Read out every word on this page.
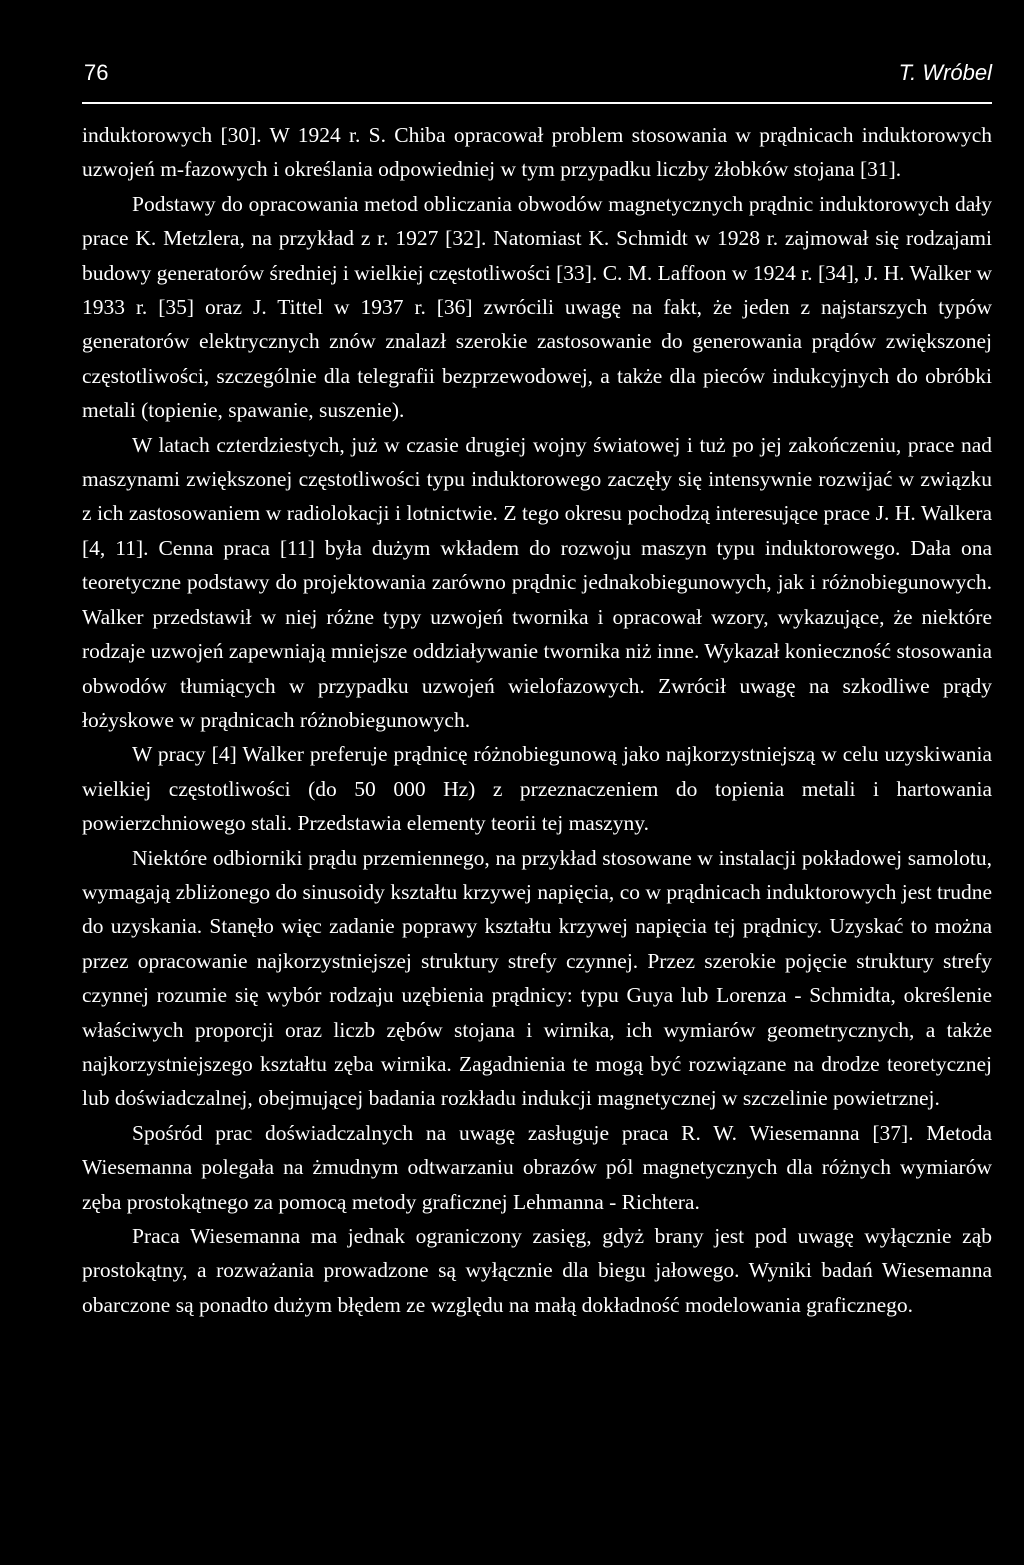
76	T. Wróbel

induktorowych [30]. W 1924 r. S. Chiba opracował problem stosowania w prądnicach induktorowych uzwojeń m-fazowych i określania odpowiedniej w tym przypadku liczby żłobków stojana [31].

Podstawy do opracowania metod obliczania obwodów magnetycznych prądnic induktorowych dały prace K. Metzlera, na przykład z r. 1927 [32]. Natomiast K. Schmidt w 1928 r. zajmował się rodzajami budowy generatorów średniej i wielkiej częstotliwości [33]. C. M. Laffoon w 1924 r. [34], J. H. Walker w 1933 r. [35] oraz J. Tittel w 1937 r. [36] zwrócili uwagę na fakt, że jeden z najstarszych typów generatorów elektrycznych znów znalazł szerokie zastosowanie do generowania prądów zwiększonej częstotliwości, szczególnie dla telegrafii bezprzewodowej, a także dla pieców indukcyjnych do obróbki metali (topienie, spawanie, suszenie).

W latach czterdziestych, już w czasie drugiej wojny światowej i tuż po jej zakończeniu, prace nad maszynami zwiększonej częstotliwości typu induktorowego zaczęły się intensywnie rozwijać w związku z ich zastosowaniem w radiolokacji i lotnictwie. Z tego okresu pochodzą interesujące prace J. H. Walkera [4, 11]. Cenna praca [11] była dużym wkładem do rozwoju maszyn typu induktorowego. Dała ona teoretyczne podstawy do projektowania zarówno prądnic jednakobiegunowych, jak i różnobiegunowych. Walker przedstawił w niej różne typy uzwojeń twornika i opracował wzory, wykazujące, że niektóre rodzaje uzwojeń zapewniają mniejsze oddziaływanie twornika niż inne. Wykazał konieczność stosowania obwodów tłumiących w przypadku uzwojeń wielofazowych. Zwrócił uwagę na szkodliwe prądy łożyskowe w prądnicach różnobiegunowych.

W pracy [4] Walker preferuje prądnicę różnobiegunową jako najkorzystniejszą w celu uzyskiwania wielkiej częstotliwości (do 50 000 Hz) z przeznaczeniem do topienia metali i hartowania powierzchniowego stali. Przedstawia elementy teorii tej maszyny.

Niektóre odbiorniki prądu przemiennego, na przykład stosowane w instalacji pokładowej samolotu, wymagają zbliżonego do sinusoidy kształtu krzywej napięcia, co w prądnicach induktorowych jest trudne do uzyskania. Stanęło więc zadanie poprawy kształtu krzywej napięcia tej prądnicy. Uzyskać to można przez opracowanie najkorzystniejszej struktury strefy czynnej. Przez szerokie pojęcie struktury strefy czynnej rozumie się wybór rodzaju uzębienia prądnicy: typu Guya lub Lorenza - Schmidta, określenie właściwych proporcji oraz liczb zębów stojana i wirnika, ich wymiarów geometrycznych, a także najkorzystniejszego kształtu zęba wirnika. Zagadnienia te mogą być rozwiązane na drodze teoretycznej lub doświadczalnej, obejmującej badania rozkładu indukcji magnetycznej w szczelinie powietrznej.

Spośród prac doświadczalnych na uwagę zasługuje praca R. W. Wiesemanna [37]. Metoda Wiesemanna polegała na żmudnym odtwarzaniu obrazów pól magnetycznych dla różnych wymiarów zęba prostokątnego za pomocą metody graficznej Lehmanna - Richtera.

Praca Wiesemanna ma jednak ograniczony zasięg, gdyż brany jest pod uwagę wyłącznie ząb prostokątny, a rozważania prowadzone są wyłącznie dla biegu jałowego. Wyniki badań Wiesemanna obarczone są ponadto dużym błędem ze względu na małą dokładność modelowania graficznego.
